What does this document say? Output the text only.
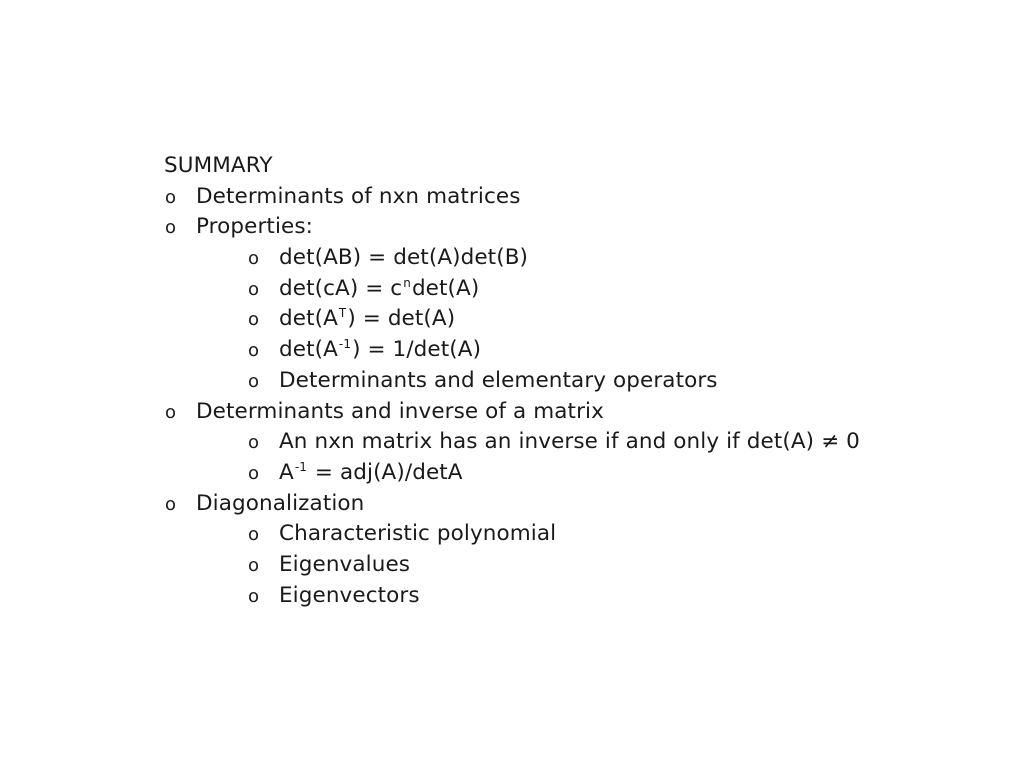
SUMMARY
o Determinants of nxn matrices
o Properties:
o det(AB) = det(A)det(B)
o $\det(cA) = c^n\det(A)$
o $\det(A^T) = \det(A)$
o $\det(A^{-1}) = 1/\det(A)$
o Determinants and elementary operators
o Determinants and inverse of a matrix
o An nxn matrix has an inverse if and only if det(A) ≠ 0
o $A^{-1} = adj(A)/\det A$
o Diagonalization
o Characteristic polynomial
o Eigenvalues
o Eigenvectors
